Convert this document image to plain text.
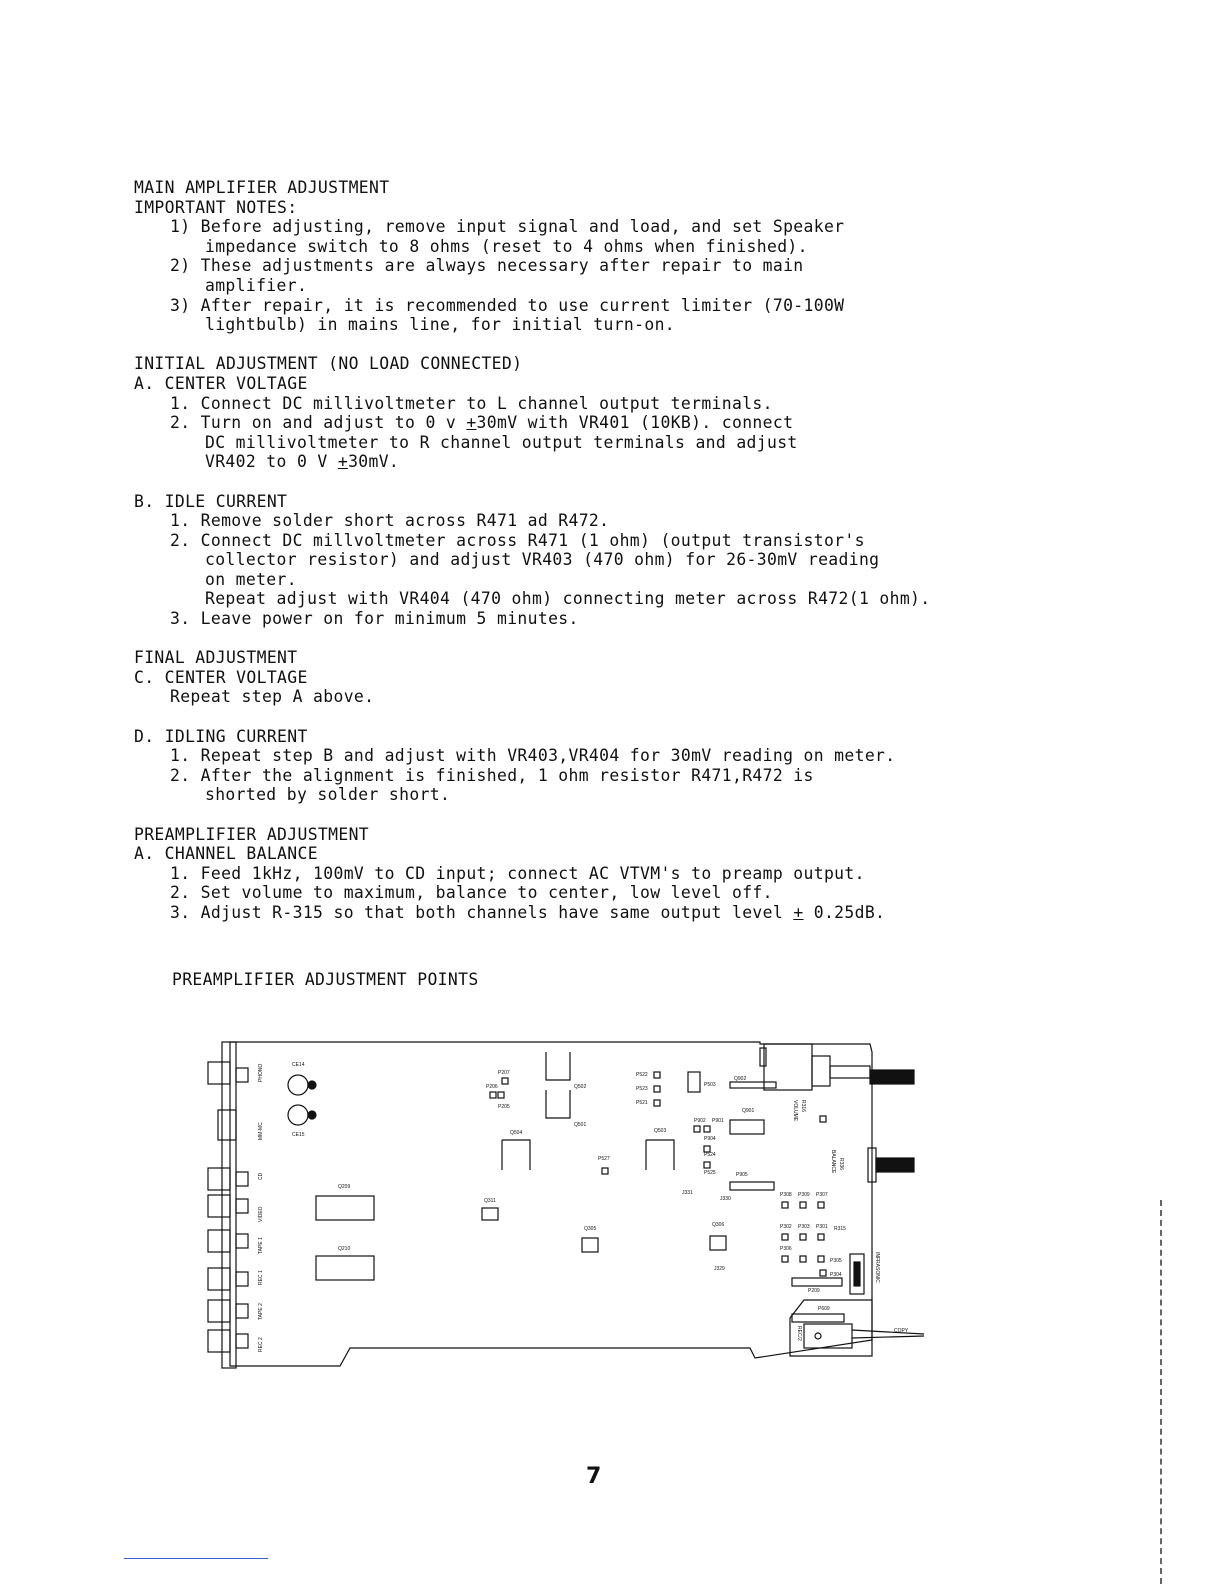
MAIN AMPLIFIER ADJUSTMENT

IMPORTANT NOTES:

1) Before adjusting, remove input signal and load, and set Speaker

impedance switch to 8 ohms (reset to 4 ohms when finished).

2) These adjustments are always necessary after repair to main

amplifier.

3) After repair, it is recommended to use current limiter (70-100W

lightbulb) in mains line, for initial turn-on.

INITIAL ADJUSTMENT (NO LOAD CONNECTED)

A. CENTER VOLTAGE

1. Connect DC millivoltmeter to L channel output terminals.

2. Turn on and adjust to 0 v +30mV with VR401 (10KB). connect

DC millivoltmeter to R channel output terminals and adjust

VR402 to 0 V +30mV.

B. IDLE CURRENT

1. Remove solder short across R471 ad R472.

2. Connect DC millvoltmeter across R471 (1 ohm) (output transistor's

collector resistor) and adjust VR403 (470 ohm) for 26-30mV reading

on meter.

Repeat adjust with VR404 (470 ohm) connecting meter across R472(1 ohm).

3. Leave power on for minimum 5 minutes.

FINAL ADJUSTMENT

C. CENTER VOLTAGE

Repeat step A above.

D. IDLING CURRENT

1. Repeat step B and adjust with VR403,VR404 for 30mV reading on meter.

2. After the alignment is finished, 1 ohm resistor R471,R472 is

shorted by solder short.

PREAMPLIFIER ADJUSTMENT

A. CHANNEL BALANCE

1. Feed 1kHz, 100mV to CD input; connect AC VTVM's to preamp output.

2. Set volume to maximum, balance to center, low level off.

3. Adjust R-315 so that both channels have same output level + 0.25dB.

PREAMPLIFIER ADJUSTMENT POINTS
PHONO
MM-MC
CD
VIDEO
TAPE 1
REC 1
TAPE 2
REC 2
CE14
CE15
Q209
Q210
Q311
Q305
Q306
Q502
Q501
Q504	Q503
P207
P206
P205
P522
P523
P521
P527
P503
Q902
Q901
P902 P901
P904
P524
P525	P905
J331
J330
J329
P308 P309 P307
P302 P303 P301 R315
P306
P305
P304
P209
P609
COPY
VOLUME R316
BALANCE R336
INFRASONIC
REC/2
7
